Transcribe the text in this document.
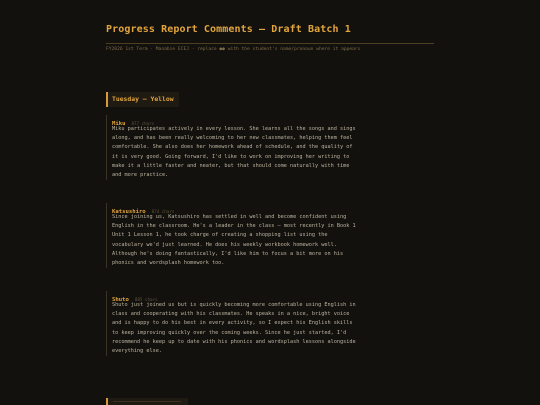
Progress Report Comments — Draft Batch 1
FY2026 1st Term · Manabie ECEJ · replace ●● with the student's name/pronoun where it appears
Tuesday — Yellow
Miku 877 chars
Miku participates actively in every lesson. She learns all the songs and sings along, and has been really welcoming to her new classmates, helping them feel comfortable. She also does her homework ahead of schedule, and the quality of it is very good. Going forward, I'd like to work on improving her writing to make it a little faster and neater, but that should come naturally with time and more practice.
Katsushiro 874 chars
Since joining us, Katsushiro has settled in well and become confident using English in the classroom. He's a leader in the class – most recently in Book 1 Unit 1 Lesson 1, he took charge of creating a shopping list using the vocabulary we'd just learned. He does his weekly workbook homework well. Although he's doing fantastically, I'd like him to focus a bit more on his phonics and wordsplash homework too.
Shuto 885 chars
Shuto just joined us but is quickly becoming more comfortable using English in class and cooperating with his classmates. He speaks in a nice, bright voice and is happy to do his best in every activity, so I expect his English skills to keep improving quickly over the coming weeks. Since he just started, I'd recommend he keep up to date with his phonics and wordsplash lessons alongside everything else.
